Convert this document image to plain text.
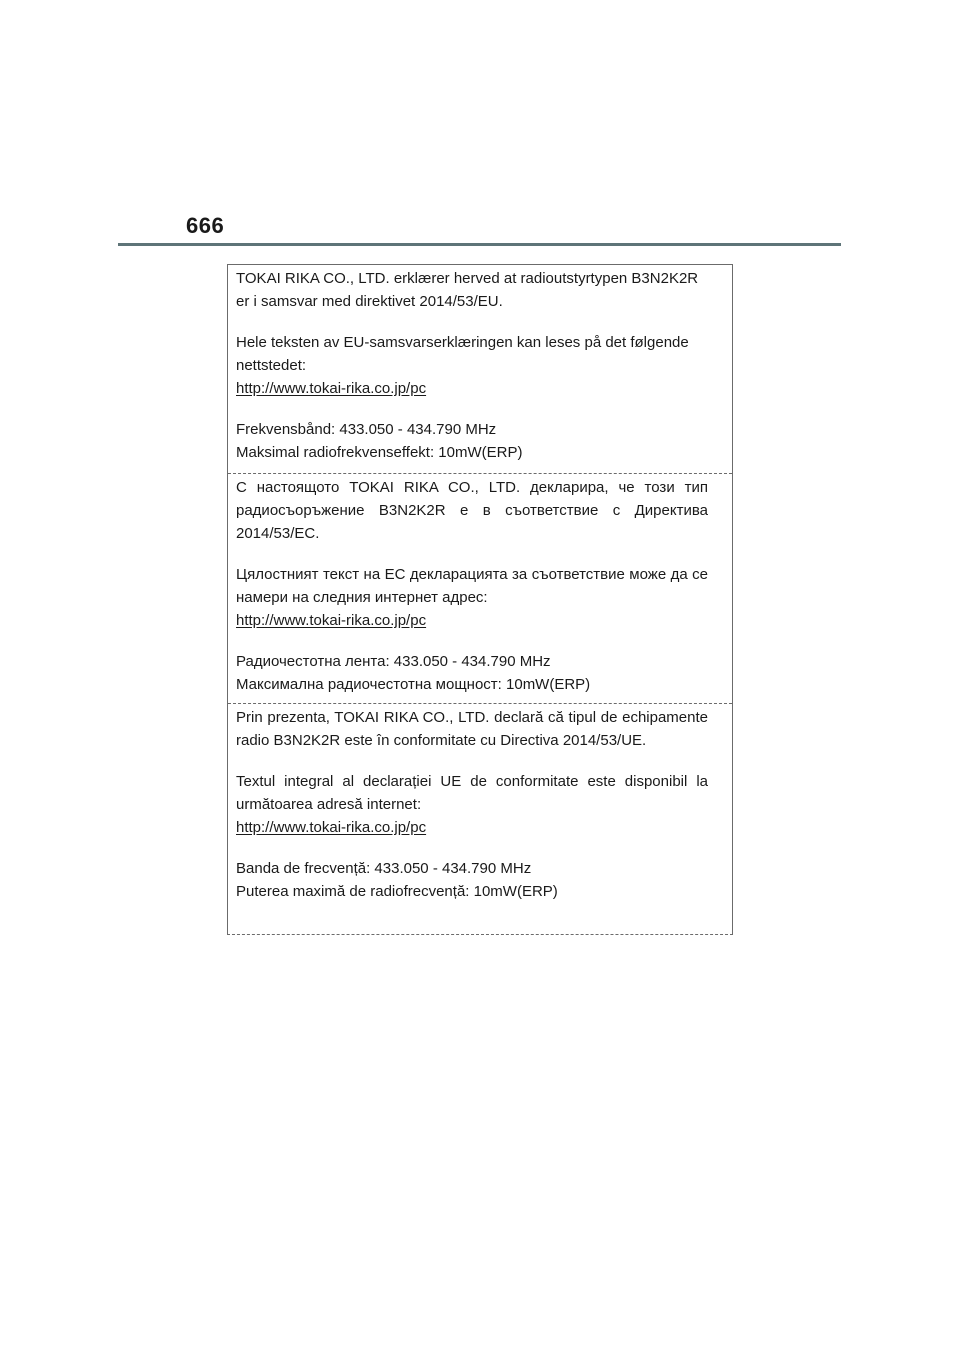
666

TOKAI RIKA CO., LTD. erklærer herved at radioutstyrtypen B3N2K2R er i samsvar med direktivet 2014/53/EU.

Hele teksten av EU-samsvarserklæringen kan leses på det følgende nettstedet:

http://www.tokai-rika.co.jp/pc

Frekvensbånd: 433.050 - 434.790 MHz

Maksimal radiofrekvenseffekt: 10mW(ERP)

С настоящото TOKAI RIKA CO., LTD. декларира, че този тип радиосъоръжение B3N2K2R е в съответствие с Директива 2014/53/ЕС.

Цялостният текст на ЕС декларацията за съответствие може да се намери на следния интернет адрес:

http://www.tokai-rika.co.jp/pc

Радиочестотна лента: 433.050 - 434.790 MHz

Максимална радиочестотна мощност: 10mW(ERP)

Prin prezenta, TOKAI RIKA CO., LTD. declară că tipul de echipamente radio B3N2K2R este în conformitate cu Directiva 2014/53/UE.

Textul integral al declarației UE de conformitate este disponibil la următoarea adresă internet:

http://www.tokai-rika.co.jp/pc

Banda de frecvență: 433.050 - 434.790 MHz

Puterea maximă de radiofrecvență: 10mW(ERP)
